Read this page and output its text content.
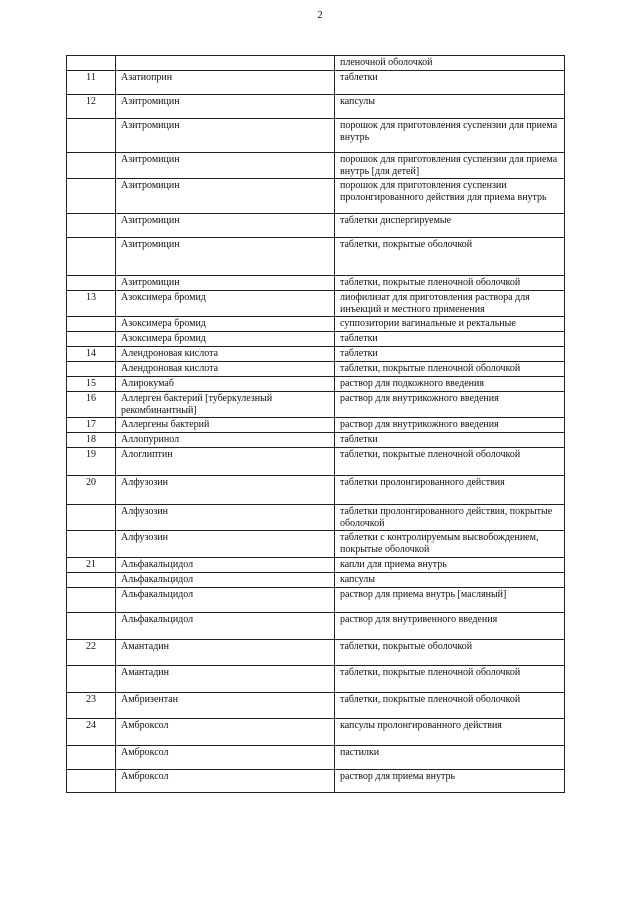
2
		пленочной оболочкой
11	Азатиоприн	таблетки
12	Азитромицин	капсулы
	Азитромицин	порошок для приготовления суспензии для приема внутрь
	Азитромицин	порошок для приготовления суспензии для приема внутрь [для детей]
	Азитромицин	порошок для приготовления суспензии пролонгированного действия для приема внутрь
	Азитромицин	таблетки диспергируемые
	Азитромицин	таблетки, покрытые оболочкой
	Азитромицин	таблетки, покрытые пленочной оболочкой
13	Азоксимера бромид	лиофилизат для приготовления раствора для инъекций и местного применения
	Азоксимера бромид	суппозитории вагинальные и ректальные
	Азоксимера бромид	таблетки
14	Алендроновая кислота	таблетки
	Алендроновая кислота	таблетки, покрытые пленочной оболочкой
15	Алирокумаб	раствор для подкожного введения
16	Аллерген бактерий [туберкулезный рекомбинантный]	раствор для внутрикожного введения
17	Аллергены бактерий	раствор для внутрикожного введения
18	Аллопуринол	таблетки
19	Алоглиптин	таблетки, покрытые пленочной оболочкой
20	Алфузозин	таблетки пролонгированного действия
	Алфузозин	таблетки пролонгированного действия, покрытые оболочкой
	Алфузозин	таблетки с контролируемым высвобождением, покрытые оболочкой
21	Альфакальцидол	капли для приема внутрь
	Альфакальцидол	капсулы
	Альфакальцидол	раствор для приема внутрь [масляный]
	Альфакальцидол	раствор для внутривенного введения
22	Амантадин	таблетки, покрытые оболочкой
	Амантадин	таблетки, покрытые пленочной оболочкой
23	Амбризентан	таблетки, покрытые пленочной оболочкой
24	Амброксол	капсулы пролонгированного действия
	Амброксол	пастилки
	Амброксол	раствор для приема внутрь
